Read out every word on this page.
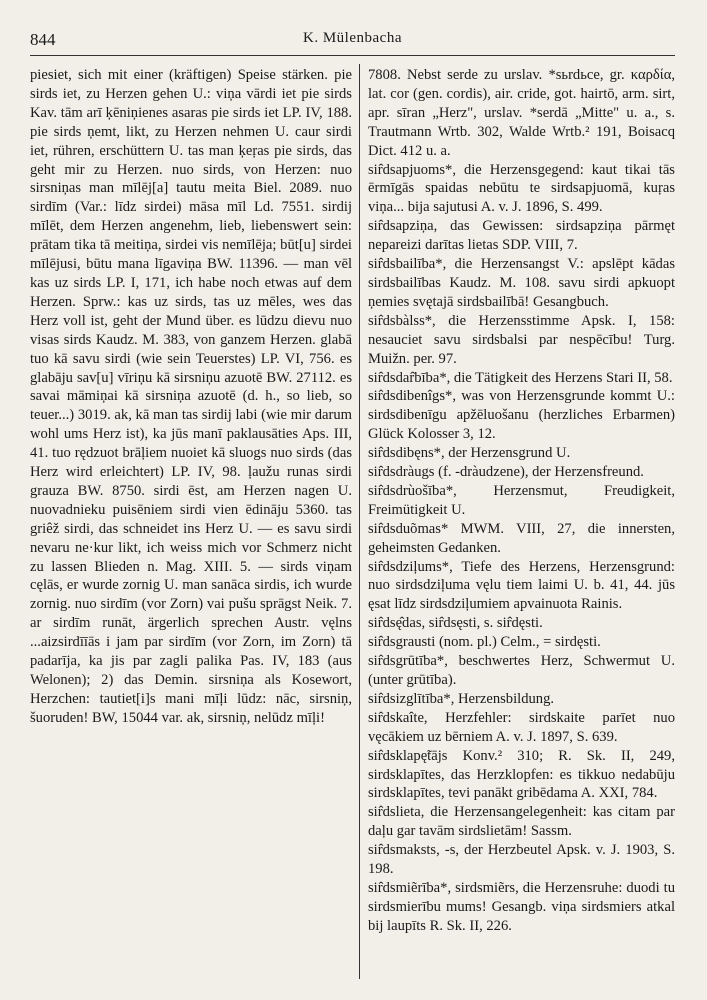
844	K. Mülenbacha

piesiet, sich mit einer (kräftigen) Speise stärken. pie sirds iet, zu Herzen gehen U.: viņa vārdi iet pie sirds Kav. tām arī ķēniņienes asaras pie sirds iet LP. IV, 188. pie sirds ņemt, likt, zu Herzen nehmen U. caur sirdi iet, rühren, erschüttern U. tas man ķeŗas pie sirds, das geht mir zu Herzen. nuo sirds, von Herzen: nuo sirsniņas man mīlēj[a] tautu meita Biel. 2089. nuo sirdīm (Var.: līdz sirdei) māsa mīl Ld. 7551. sirdij mīlēt, dem Herzen angenehm, lieb, liebenswert sein: prātam tika tā meitiņa, sirdei vis nemīlēja; būt[u] sirdei mīlējusi, būtu mana līgaviņa BW. 11396. — man vēl kas uz sirds LP. I, 171, ich habe noch etwas auf dem Herzen. Sprw.: kas uz sirds, tas uz mēles, wes das Herz voll ist, geht der Mund über. es lūdzu dievu nuo visas sirds Kaudz. M. 383, von ganzem Herzen. glabā tuo kā savu sirdi (wie sein Teuerstes) LP. VI, 756. es glabāju sav[u] vīriņu kā sirsniņu azuotē BW. 27112. es savai māmiņai kā sirsniņa azuotē (d. h., so lieb, so teuer...) 3019. ak, kā man tas sirdij labi (wie mir darum wohl ums Herz ist), ka jūs manī paklausāties Aps. III, 41. tuo rędzuot brāļiem nuoiet kā sluogs nuo sirds (das Herz wird erleichtert) LP. IV, 98. ļaužu runas sirdi grauza BW. 8750. sirdi ēst, am Herzen nagen U. nuovadnieku puisēniem sirdi vien ēdināju 5360. tas griêž sirdi, das schneidet ins Herz U. — es savu sirdi nevaru ne·kur likt, ich weiss mich vor Schmerz nicht zu lassen Blieden n. Mag. XIII. 5. — sirds viņam cęlās, er wurde zornig U. man sanāca sirdis, ich wurde zornig. nuo sirdīm (vor Zorn) vai pušu sprāgst Neik. 7. ar sirdīm runāt, ärgerlich sprechen Austr. vęlns ...aizsirdīīās i jam par sirdīm (vor Zorn, im Zorn) tā padarīja, ka jis par zagli palika Pas. IV, 183 (aus Welonen); 2) das Demin. sirsniņa als Kosewort, Herzchen: tautiet[i]s mani mīļi lūdz: nāc, sirsniņ, šuoruden! BW, 15044 var. ak, sirsniņ, nelūdz mīļi!

7808. Nebst serde zu urslav. *sьrdьce, gr. καρδία, lat. cor (gen. cordis), air. cride, got. hairtō, arm. sirt, apr. sīran „Herz", urslav. *serdā „Mitte" u. a., s. Trautmann Wrtb. 302, Walde Wrtb.² 191, Boisacq Dict. 412 u. a.

sir̂dsapjuoms*, die Herzensgegend: kaut tikai tās ērmīgās spaidas nebūtu te sirdsapjuomā, kuŗas viņa... bija sajutusi A. v. J. 1896, S. 499.

sir̂dsapziņa, das Gewissen: sirdsapziņa pārmęt nepareizi darītas lietas SDP. VIII, 7.

sir̂dsbailība*, die Herzensangst V.: apslēpt kādas sirdsbailības Kaudz. M. 108. savu sirdi apkuopt ņemies svętajā sirdsbailībā! Gesangbuch.

sir̂dsbàlss*, die Herzensstimme Apsk. I, 158: nesauciet savu sirdsbalsi par nespēcību! Turg. Muižn. per. 97.

sir̂dsdar̂bība*, die Tätigkeit des Herzens Stari II, 58.

sir̂dsdibenîgs*, was von Herzensgrunde kommt U.: sirdsdibenīgu apžēluošanu (herzliches Erbarmen) Glück Kolosser 3, 12.

sir̂dsdibęns*, der Herzensgrund U.

sir̂dsdràugs (f. -dràudzene), der Herzensfreund.

sir̂dsdrùošība*, Herzensmut, Freudigkeit, Freimütigkeit U.

sir̂dsduõmas* MWM. VIII, 27, die innersten, geheimsten Gedanken.

sir̂dsdziļums*, Tiefe des Herzens, Herzensgrund: nuo sirdsdziļuma vęlu tiem laimi U. b. 41, 44. jūs ęsat līdz sirdsdziļumiem apvainuota Rainis.

sir̂dsę̂das, sir̂dsęsti, s. sir̂dęsti.

sir̂dsgrausti (nom. pl.) Celm., = sirdęsti.

sir̂dsgrūtība*, beschwertes Herz, Schwermut U. (unter grūtība).

sir̂dsizglītība*, Herzensbildung.

sir̂dskaîte, Herzfehler: sirdskaite parīet nuo vęcākiem uz bērniem A. v. J. 1897, S. 639.

sir̂dsklapę̃tājs Konv.² 310; R. Sk. II, 249, sirdsklapītes, das Herzklopfen: es tikkuo nedabūju sirdsklapītes, tevi panākt gribēdama A. XXI, 784.

sir̂dslieta, die Herzensangelegenheit: kas citam par daļu gar tavām sirdslietām! Sassm.

sir̂dsmaksts, -s, der Herzbeutel Apsk. v. J. 1903, S. 198.

sir̂dsmiẽrība*, sirdsmiẽrs, die Herzensruhe: duodi tu sirdsmierību mums! Gesangb. viņa sirdsmiers atkal bij laupīts R. Sk. II, 226.
